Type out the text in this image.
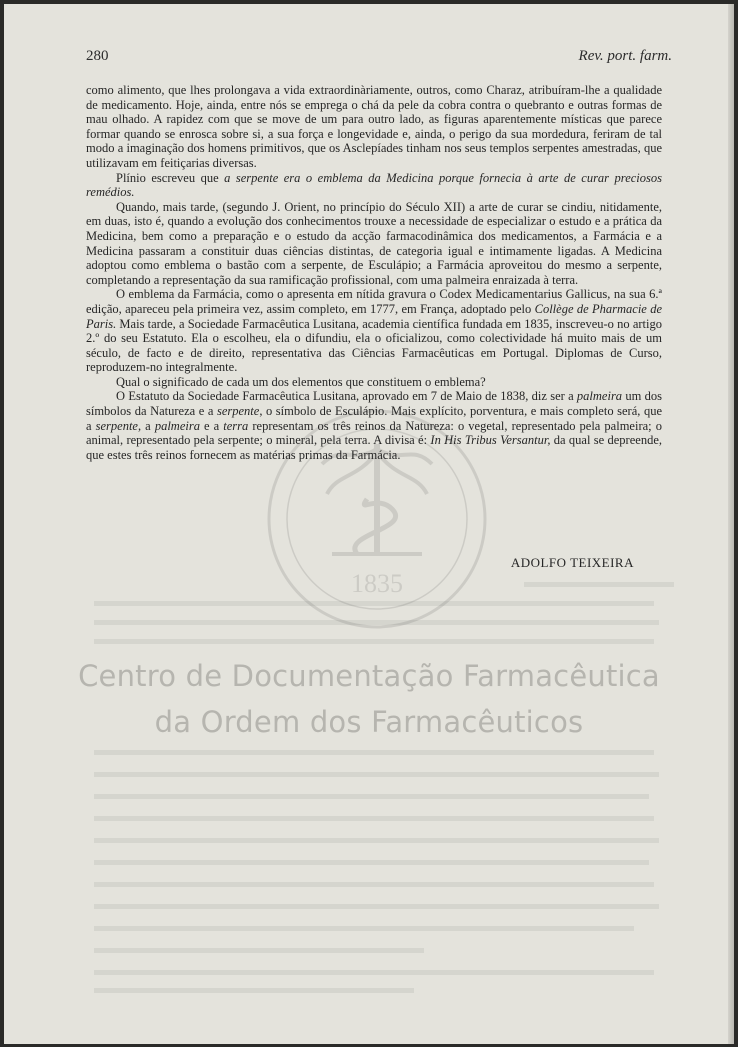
1835
280	Rev. port. farm.

como alimento, que lhes prolongava a vida extraordinàriamente, outros, como Charaz, atribuíram-lhe a qualidade de medicamento. Hoje, ainda, entre nós se emprega o chá da pele da cobra contra o quebranto e outras formas de mau olhado. A rapidez com que se move de um para outro lado, as figuras aparentemente místicas que parece formar quando se enrosca sobre si, a sua força e longevidade e, ainda, o perigo da sua mordedura, feriram de tal modo a imaginação dos homens primitivos, que os Asclepíades tinham nos seus templos serpentes amestradas, que utilizavam em feitiçarias diversas.

Plínio escreveu que a serpente era o emblema da Medicina porque fornecia à arte de curar preciosos remédios.

Quando, mais tarde, (segundo J. Orient, no princípio do Século XII) a arte de curar se cindiu, nitidamente, em duas, isto é, quando a evolução dos conhecimentos trouxe a necessidade de especializar o estudo e a prática da Medicina, bem como a preparação e o estudo da acção farmacodinâmica dos medicamentos, a Farmácia e a Medicina passaram a constituir duas ciências distintas, de categoria igual e intimamente ligadas. A Medicina adoptou como emblema o bastão com a serpente, de Esculápio; a Farmácia aproveitou do mesmo a serpente, completando a representação da sua ramificação profissional, com uma palmeira enraizada à terra.

O emblema da Farmácia, como o apresenta em nítida gravura o Codex Medicamentarius Gallicus, na sua 6.ª edição, apareceu pela primeira vez, assim completo, em 1777, em França, adoptado pelo Collège de Pharmacie de Paris. Mais tarde, a Sociedade Farmacêutica Lusitana, academia científica fundada em 1835, inscreveu-o no artigo 2.º do seu Estatuto. Ela o escolheu, ela o difundiu, ela o oficializou, como colectividade há muito mais de um século, de facto e de direito, representativa das Ciências Farmacêuticas em Portugal. Diplomas de Curso, reproduzem-no integralmente.

Qual o significado de cada um dos elementos que constituem o emblema?

O Estatuto da Sociedade Farmacêutica Lusitana, aprovado em 7 de Maio de 1838, diz ser a palmeira um dos símbolos da Natureza e a serpente, o símbolo de Esculápio. Mais explícito, porventura, e mais completo será, que a serpente, a palmeira e a terra representam os três reinos da Natureza: o vegetal, representado pela palmeira; o animal, representado pela serpente; o mineral, pela terra. A divisa é: In His Tribus Versantur, da qual se depreende, que estes três reinos fornecem as matérias primas da Farmácia.

ADOLFO TEIXEIRA
Centro de Documentação Farmacêutica
da Ordem dos Farmacêuticos
